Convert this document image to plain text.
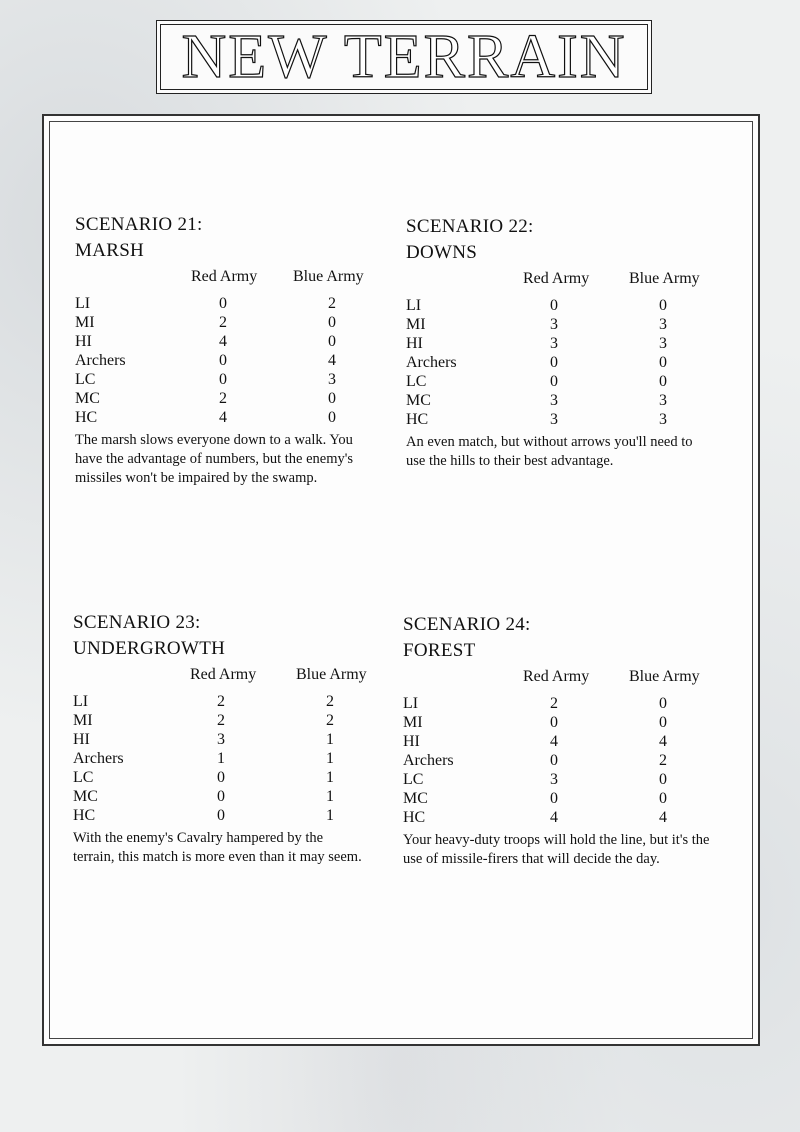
NEW TERRAIN
SCENARIO 21:
MARSH
Red Army Blue Army
LI	0	2
MI	2	0
HI	4	0
Archers	0	4
LC	0	3
MC	2	0
HC	4	0
The marsh slows everyone down to a walk. You have the advantage of numbers, but the enemy's missiles won't be impaired by the swamp.
SCENARIO 22:
DOWNS
Red Army Blue Army
LI	0	0
MI	3	3
HI	3	3
Archers	0	0
LC	0	0
MC	3	3
HC	3	3
An even match, but without arrows you'll need to use the hills to their best advantage.
SCENARIO 23:
UNDERGROWTH
Red Army Blue Army
LI	2	2
MI	2	2
HI	3	1
Archers	1	1
LC	0	1
MC	0	1
HC	0	1
With the enemy's Cavalry hampered by the terrain, this match is more even than it may seem.
SCENARIO 24:
FOREST
Red Army Blue Army
LI	2	0
MI	0	0
HI	4	4
Archers	0	2
LC	3	0
MC	0	0
HC	4	4
Your heavy-duty troops will hold the line, but it's the use of missile-firers that will decide the day.
